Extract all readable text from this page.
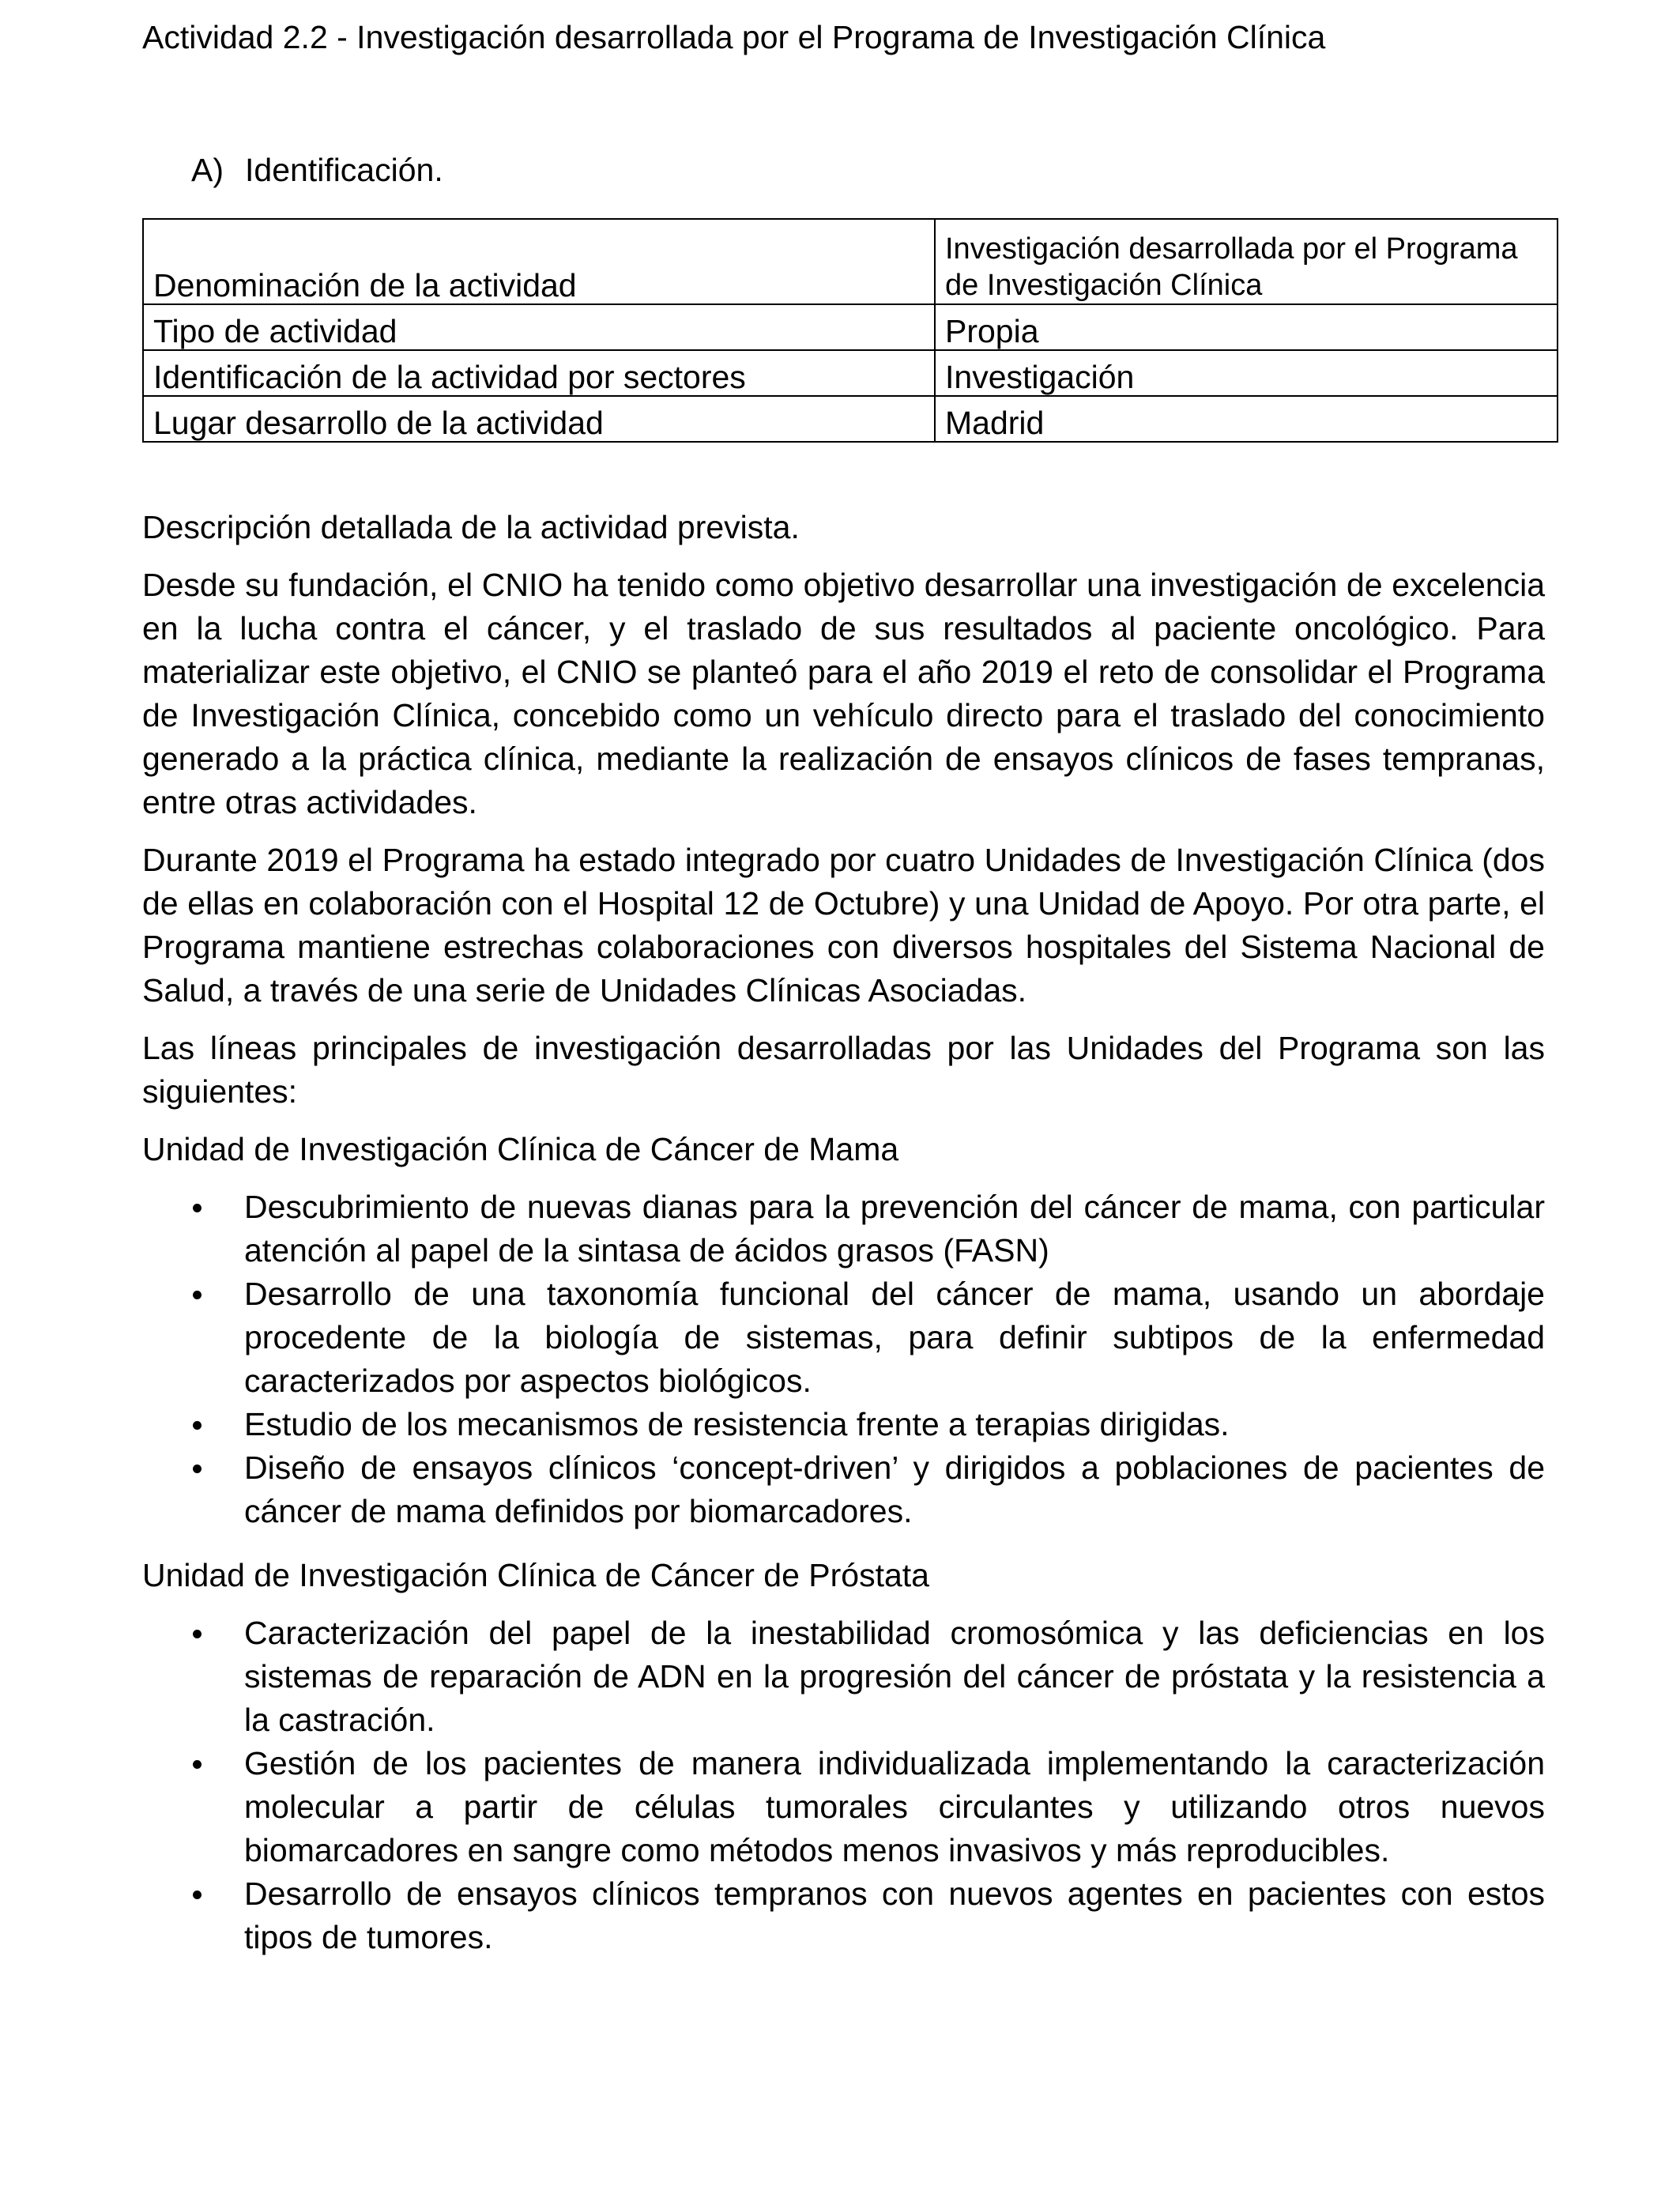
Actividad 2.2 - Investigación desarrollada por el Programa de Investigación Clínica
A) Identificación.
Denominación de la actividad	Investigación desarrollada por el Programa de Investigación Clínica
Tipo de actividad	Propia
Identificación de la actividad por sectores	Investigación
Lugar desarrollo de la actividad	Madrid

Descripción detallada de la actividad prevista.

Desde su fundación, el CNIO ha tenido como objetivo desarrollar una investigación de excelencia en la lucha contra el cáncer, y el traslado de sus resultados al paciente oncológico. Para materializar este objetivo, el CNIO se planteó para el año 2019 el reto de consolidar el Programa de Investigación Clínica, concebido como un vehículo directo para el traslado del conocimiento generado a la práctica clínica, mediante la realización de ensayos clínicos de fases tempranas, entre otras actividades.

Durante 2019 el Programa ha estado integrado por cuatro Unidades de Investigación Clínica (dos de ellas en colaboración con el Hospital 12 de Octubre) y una Unidad de Apoyo. Por otra parte, el Programa mantiene estrechas colaboraciones con diversos hospitales del Sistema Nacional de Salud, a través de una serie de Unidades Clínicas Asociadas.

Las líneas principales de investigación desarrolladas por las Unidades del Programa son las siguientes:

Unidad de Investigación Clínica de Cáncer de Mama

Descubrimiento de nuevas dianas para la prevención del cáncer de mama, con particular atención al papel de la sintasa de ácidos grasos (FASN)
Desarrollo de una taxonomía funcional del cáncer de mama, usando un abordaje procedente de la biología de sistemas, para definir subtipos de la enfermedad caracterizados por aspectos biológicos.
Estudio de los mecanismos de resistencia frente a terapias dirigidas.
Diseño de ensayos clínicos ‘concept-driven’ y dirigidos a poblaciones de pacientes de cáncer de mama definidos por biomarcadores.

Unidad de Investigación Clínica de Cáncer de Próstata

Caracterización del papel de la inestabilidad cromosómica y las deficiencias en los sistemas de reparación de ADN en la progresión del cáncer de próstata y la resistencia a la castración.
Gestión de los pacientes de manera individualizada implementando la caracterización molecular a partir de células tumorales circulantes y utilizando otros nuevos biomarcadores en sangre como métodos menos invasivos y más reproducibles.
Desarrollo de ensayos clínicos tempranos con nuevos agentes en pacientes con estos tipos de tumores.
